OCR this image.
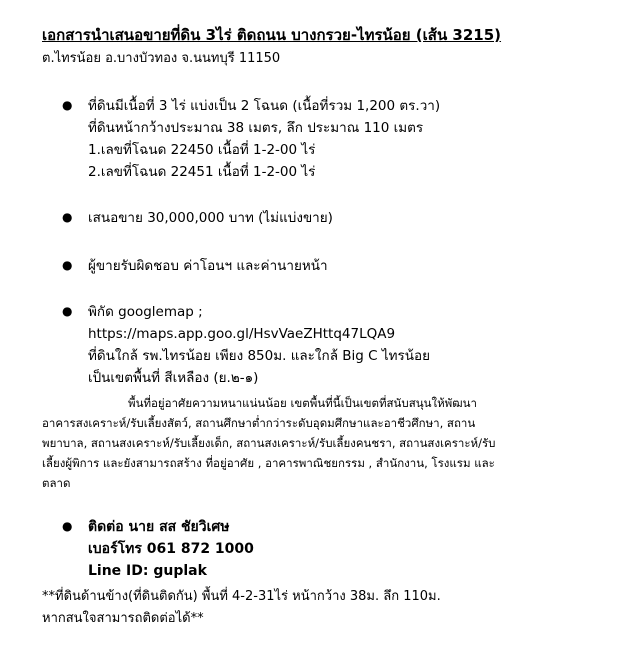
เอกสารนำเสนอขายที่ดิน 3ไร่ ติดถนน บางกรวย-ไทรน้อย (เส้น 3215)
ต.ไทรน้อย อ.บางบัวทอง จ.นนทบุรี 11150
● ที่ดินมีเนื้อที่ 3 ไร่ แบ่งเป็น 2 โฉนด (เนื้อที่รวม 1,200 ตร.วา)
ที่ดินหน้ากว้างประมาณ 38 เมตร, ลึก ประมาณ 110 เมตร
1.เลขที่โฉนด 22450 เนื้อที่ 1-2-00 ไร่
2.เลขที่โฉนด 22451 เนื้อที่ 1-2-00 ไร่
● เสนอขาย 30,000,000 บาท (ไม่แบ่งขาย)
● ผู้ขายรับผิดชอบ ค่าโอนฯ และค่านายหน้า
● พิกัด googlemap ;
https://maps.app.goo.gl/HsvVaeZHttq47LQA9
ที่ดินใกล้ รพ.ไทรน้อย เพียง 850ม. และใกล้ Big C ไทรน้อย
เป็นเขตพื้นที่ สีเหลือง (ย.๒-๑)
พื้นที่อยู่อาศัยความหนาแน่นน้อย เขตพื้นที่นี้เป็นเขตที่สนับสนุนให้พัฒนา
อาคารสงเคราะห์/รับเลี้ยงสัตว์, สถานศึกษาต่ำกว่าระดับอุดมศึกษาและอาชีวศึกษา, สถาน
พยาบาล, สถานสงเคราะห์/รับเลี้ยงเด็ก, สถานสงเคราะห์/รับเลี้ยงคนชรา, สถานสงเคราะห์/รับ
เลี้ยงผู้พิการ และยังสามารถสร้าง ที่อยู่อาศัย , อาคารพาณิชยกรรม , สำนักงาน, โรงแรม และ
ตลาด
● ติดต่อ นาย สส ชัยวิเศษ
เบอร์โทร 061 872 1000
Line ID: guplak
**ที่ดินด้านข้าง(ที่ดินติดกัน) พื้นที่ 4-2-31ไร่ หน้ากว้าง 38ม. ลึก 110ม.
หากสนใจสามารถติดต่อได้**
